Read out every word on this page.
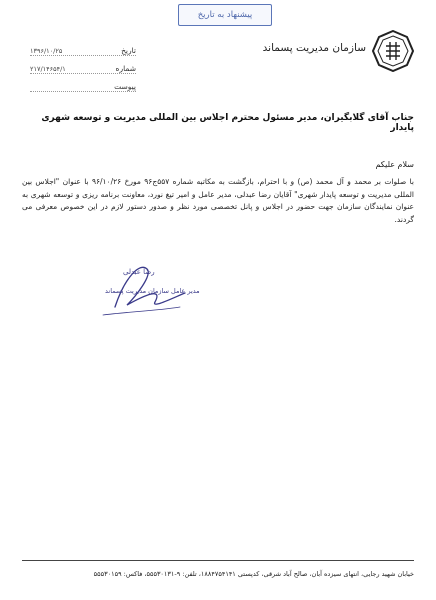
پیشنهاد به تاریخ
سازمان مدیریت پسماند
تاریخ
۱۳۹۶/۱۰/۲۵
شماره
۲۱۷/۱۴۶۵۴/۱
پیوست
جناب آقای گلابگیران، مدیر مسئول محترم اجلاس بین المللی مدیریت و توسعه شهری پایدار
سلام علیکم
با صلوات بر محمد و آل محمد (ص) و با احترام، بازگشت به مکاتبه شماره ۵۵۷ج۹۶ مورخ ۹۶/۱۰/۲۶ با عنوان "اجلاس بین المللی مدیریت و توسعه پایدار شهری" آقایان رضا عبدلی، مدیر عامل و امیر تیغ نورد، معاونت برنامه ریزی و توسعه شهری به عنوان نمایندگان سازمان جهت حضور در اجلاس و پانل تخصصی مورد نظر و صدور دستور لازم در این خصوص معرفی می گردند.
رضا عبدلی
مدیر عامل سازمان مدیریت پسماند
خیابان شهید رجایی، انتهای سیزده آبان، صالح آباد شرقی، کدپستی ۱۸۸۴۷۵۴۱۴۱، تلفن: ۹-۵۵۵۳۰۱۳۱، فاکس: ۵۵۵۳۰۱۵۹
